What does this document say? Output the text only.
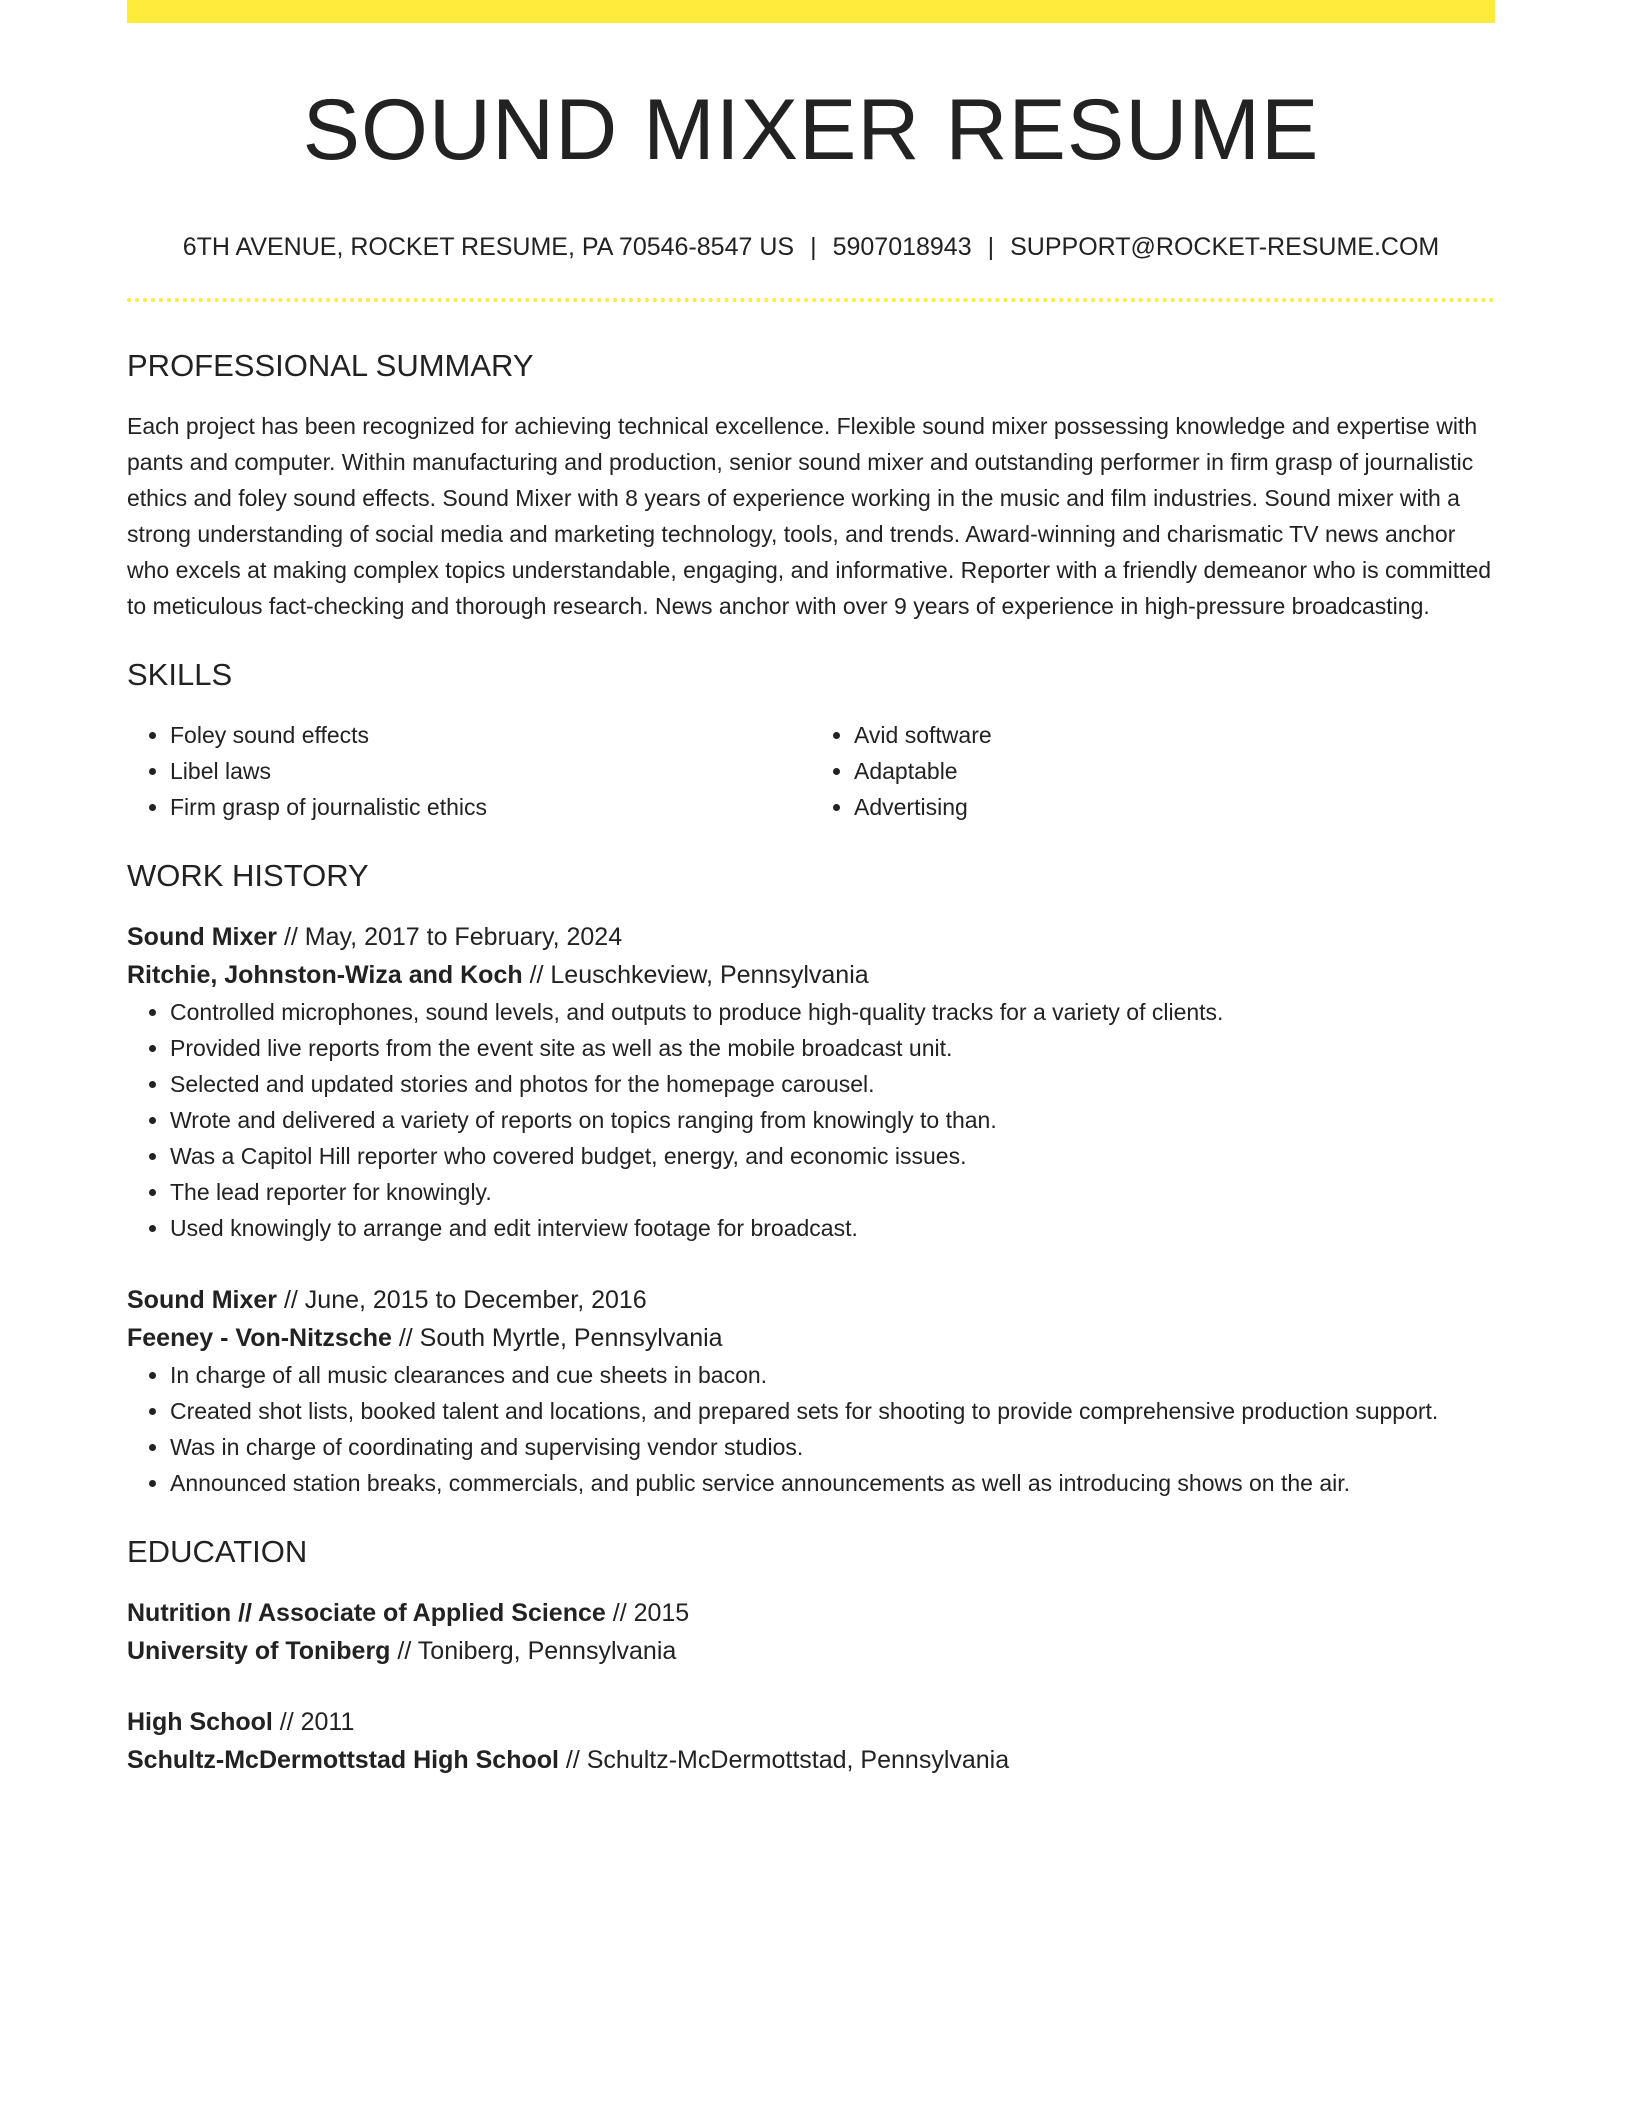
SOUND MIXER RESUME
6TH AVENUE, ROCKET RESUME, PA 70546-8547 US | 5907018943 | SUPPORT@ROCKET-RESUME.COM
PROFESSIONAL SUMMARY

Each project has been recognized for achieving technical excellence. Flexible sound mixer possessing knowledge and expertise with pants and computer. Within manufacturing and production, senior sound mixer and outstanding performer in firm grasp of journalistic ethics and foley sound effects. Sound Mixer with 8 years of experience working in the music and film industries. Sound mixer with a strong understanding of social media and marketing technology, tools, and trends. Award-winning and charismatic TV news anchor who excels at making complex topics understandable, engaging, and informative. Reporter with a friendly demeanor who is committed to meticulous fact-checking and thorough research. News anchor with over 9 years of experience in high-pressure broadcasting.

SKILLS
• Foley sound effects
• Libel laws
• Firm grasp of journalistic ethics
• Avid software
• Adaptable
• Advertising
WORK HISTORY
Sound Mixer // May, 2017 to February, 2024
Ritchie, Johnston-Wiza and Koch // Leuschkeview, Pennsylvania
• Controlled microphones, sound levels, and outputs to produce high-quality tracks for a variety of clients.
• Provided live reports from the event site as well as the mobile broadcast unit.
• Selected and updated stories and photos for the homepage carousel.
• Wrote and delivered a variety of reports on topics ranging from knowingly to than.
• Was a Capitol Hill reporter who covered budget, energy, and economic issues.
• The lead reporter for knowingly.
• Used knowingly to arrange and edit interview footage for broadcast.
Sound Mixer // June, 2015 to December, 2016
Feeney - Von-Nitzsche // South Myrtle, Pennsylvania
• In charge of all music clearances and cue sheets in bacon.
• Created shot lists, booked talent and locations, and prepared sets for shooting to provide comprehensive production support.
• Was in charge of coordinating and supervising vendor studios.
• Announced station breaks, commercials, and public service announcements as well as introducing shows on the air.
EDUCATION
Nutrition // Associate of Applied Science // 2015
University of Toniberg // Toniberg, Pennsylvania
High School // 2011
Schultz-McDermottstad High School // Schultz-McDermottstad, Pennsylvania
